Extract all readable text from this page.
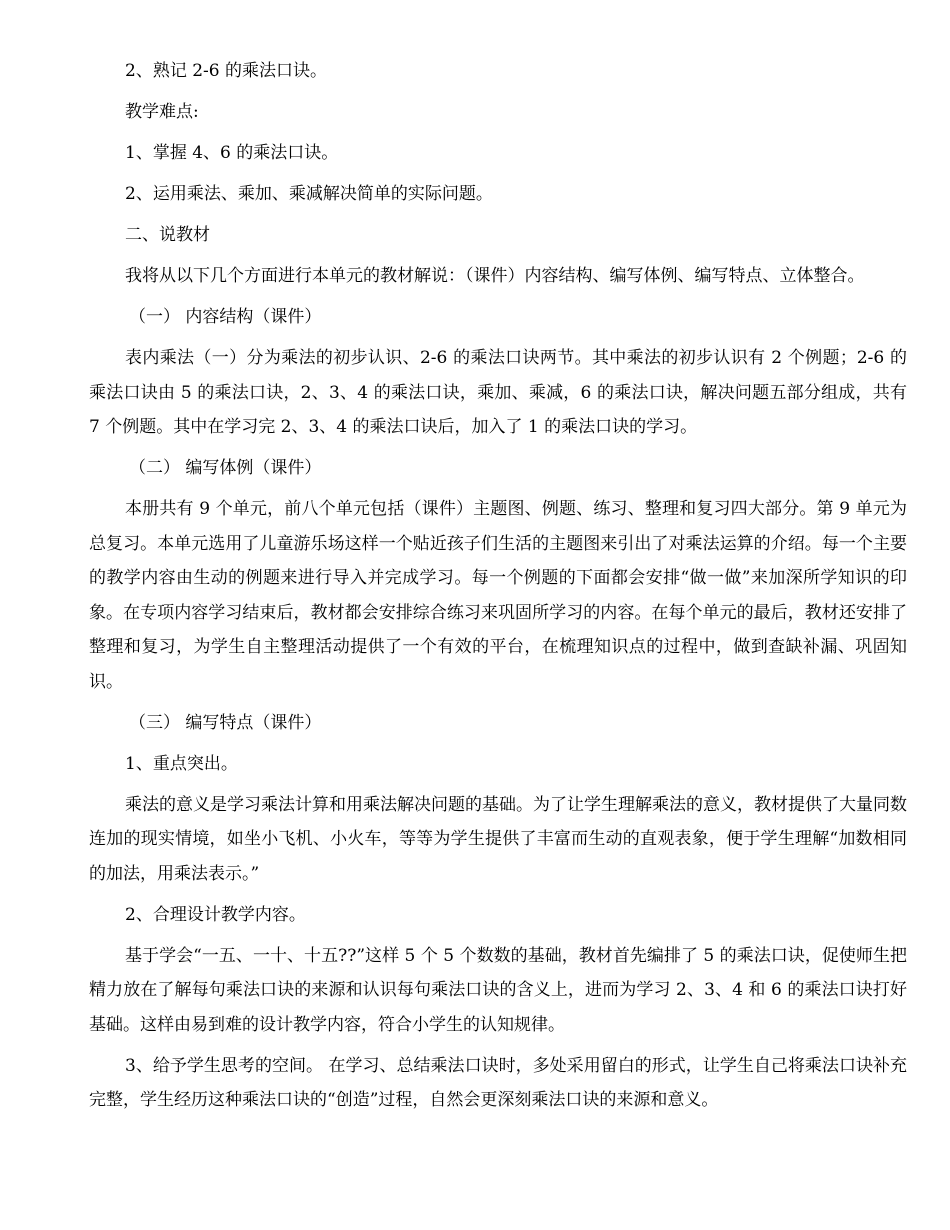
2、熟记 2-6 的乘法口诀。

教学难点:

1、掌握 4、6 的乘法口诀。

2、运用乘法、乘加、乘减解决简单的实际问题。

二、说教材

我将从以下几个方面进行本单元的教材解说：（课件）内容结构、编写体例、编写特点、立体整合。

（一） 内容结构（课件）

表内乘法（一）分为乘法的初步认识、2-6 的乘法口诀两节。其中乘法的初步认识有 2 个例题；2-6 的乘法口诀由 5 的乘法口诀，2、3、4 的乘法口诀，乘加、乘减，6 的乘法口诀，解决问题五部分组成，共有 7 个例题。其中在学习完 2、3、4 的乘法口诀后，加入了 1 的乘法口诀的学习。

（二） 编写体例（课件）

本册共有 9 个单元，前八个单元包括（课件）主题图、例题、练习、整理和复习四大部分。第 9 单元为总复习。本单元选用了儿童游乐场这样一个贴近孩子们生活的主题图来引出了对乘法运算的介绍。每一个主要的教学内容由生动的例题来进行导入并完成学习。每一个例题的下面都会安排“做一做”来加深所学知识的印象。在专项内容学习结束后，教材都会安排综合练习来巩固所学习的内容。在每个单元的最后，教材还安排了整理和复习，为学生自主整理活动提供了一个有效的平台，在梳理知识点的过程中，做到查缺补漏、巩固知识。

（三） 编写特点（课件）

1、重点突出。

乘法的意义是学习乘法计算和用乘法解决问题的基础。为了让学生理解乘法的意义，教材提供了大量同数连加的现实情境，如坐小飞机、小火车，等等为学生提供了丰富而生动的直观表象，便于学生理解“加数相同的加法，用乘法表示。”

2、合理设计教学内容。

基于学会“一五、一十、十五??”这样 5 个 5 个数数的基础，教材首先编排了 5 的乘法口诀，促使师生把精力放在了解每句乘法口诀的来源和认识每句乘法口诀的含义上，进而为学习 2、3、4 和 6 的乘法口诀打好基础。这样由易到难的设计教学内容，符合小学生的认知规律。

3、给予学生思考的空间。 在学习、总结乘法口诀时，多处采用留白的形式，让学生自己将乘法口诀补充完整，学生经历这种乘法口诀的“创造”过程，自然会更深刻乘法口诀的来源和意义。
